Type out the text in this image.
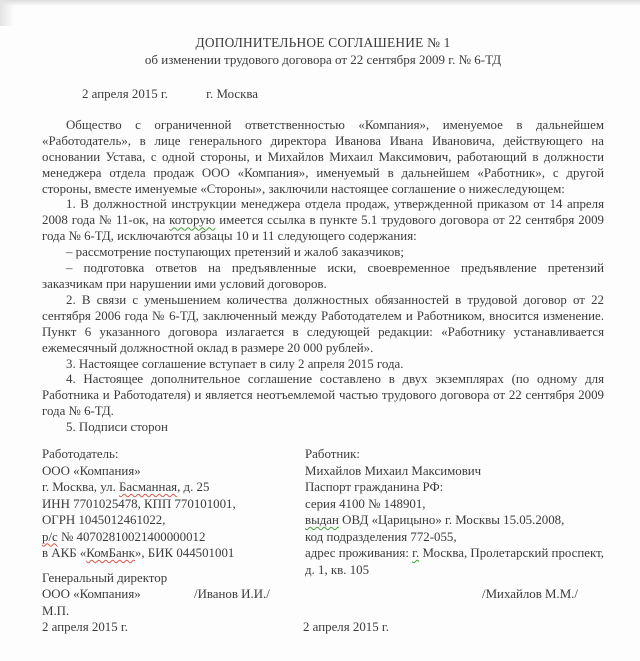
ДОПОЛНИТЕЛЬНОЕ СОГЛАШЕНИЕ № 1
об изменении трудового договора от 22 сентября 2009 г. № 6-ТД
2 апреля 2015 г.	г. Москва

Общество с ограниченной ответственностью «Компания», именуемое в дальнейшем «Работодатель», в лице генерального директора Иванова Ивана Ивановича, действующего на основании Устава, с одной стороны, и Михайлов Михаил Максимович, работающий в должности менеджера отдела продаж ООО «Компания», именуемый в дальнейшем «Работник», с другой стороны, вместе именуемые «Стороны», заключили настоящее соглашение о нижеследующем:

1. В должностной инструкции менеджера отдела продаж, утвержденной приказом от 14 апреля 2008 года № 11-ок, на которую имеется ссылка в пункте 5.1 трудового договора от 22 сентября 2009 года № 6-ТД, исключаются абзацы 10 и 11 следующего содержания:

– рассмотрение поступающих претензий и жалоб заказчиков;

– подготовка ответов на предъявленные иски, своевременное предъявление претензий заказчикам при нарушении ими условий договоров.

2. В связи с уменьшением количества должностных обязанностей в трудовой договор от 22 сентября 2006 года № 6-ТД, заключенный между Работодателем и Работником, вносится изменение. Пункт 6 указанного договора излагается в следующей редакции: «Работнику устанавливается ежемесячный должностной оклад в размере 20 000 рублей».

3. Настоящее соглашение вступает в силу 2 апреля 2015 года.

4. Настоящее дополнительное соглашение составлено в двух экземплярах (по одному для Работника и Работодателя) и является неотъемлемой частью трудового договора от 22 сентября 2009 года № 6-ТД.

5. Подписи сторон

Работодатель:
ООО «Компания»
г. Москва, ул. Басманная, д. 25
ИНН 7701025478, КПП 770101001,
ОГРН 1045012461022,
р/с № 40702810021400000012
в АКБ «КомБанк», БИК 044501001
Работник:
Михайлов Михаил Максимович
Паспорт гражданина РФ:
серия 4100 № 148901,
выдан ОВД «Царицыно» г. Москвы 15.05.2008,
код подразделения 772-055,
адрес проживания: г. Москва, Пролетарский проспект, д. 1, кв. 105
Генеральный директор
ООО «Компания»	/Иванов И.И./	/Михайлов М.М./
М.П.
2 апреля 2015 г.	2 апреля 2015 г.
